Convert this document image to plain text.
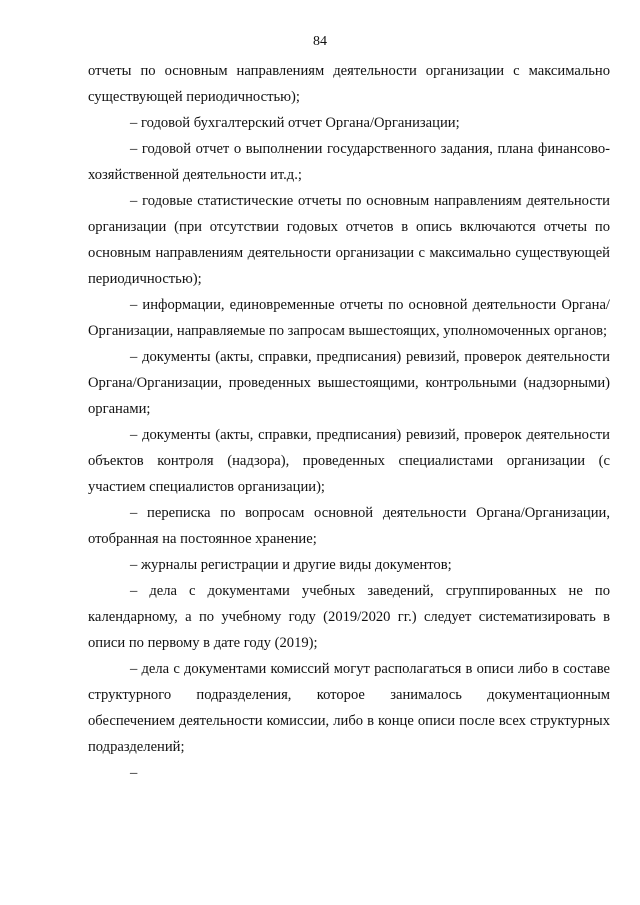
84

отчеты по основным направлениям деятельности организации с максимально существующей периодичностью);

– годовой бухгалтерский отчет Органа/Организации;

– годовой отчет о выполнении государственного задания, плана финансово- хозяйственной деятельности ит.д.;

– годовые статистические отчеты по основным направлениям деятельности организации (при отсутствии годовых отчетов в опись включаются отчеты по основным направлениям деятельности организации с максимально существующей периодичностью);

– информации, единовременные отчеты по основной деятельности Органа/Организации, направляемые по запросам вышестоящих, уполномоченных органов;

– документы (акты, справки, предписания) ревизий, проверок деятельности Органа/Организации, проведенных вышестоящими, контрольными (надзорными) органами;

– документы (акты, справки, предписания) ревизий, проверок деятельности объектов контроля (надзора), проведенных специалистами организации (с участием специалистов организации);

– переписка по вопросам основной деятельности Органа/Организации, отобранная на постоянное хранение;

– журналы регистрации и другие виды документов;

– дела с документами учебных заведений, сгруппированных не по календарному, а по учебному году (2019/2020 гг.) следует систематизировать в описи по первому в дате году (2019);

– дела с документами комиссий могут располагаться в описи либо в составе структурного подразделения, которое занималось документационным обеспечением деятельности комиссии, либо в конце описи после всех структурных подразделений;

–
